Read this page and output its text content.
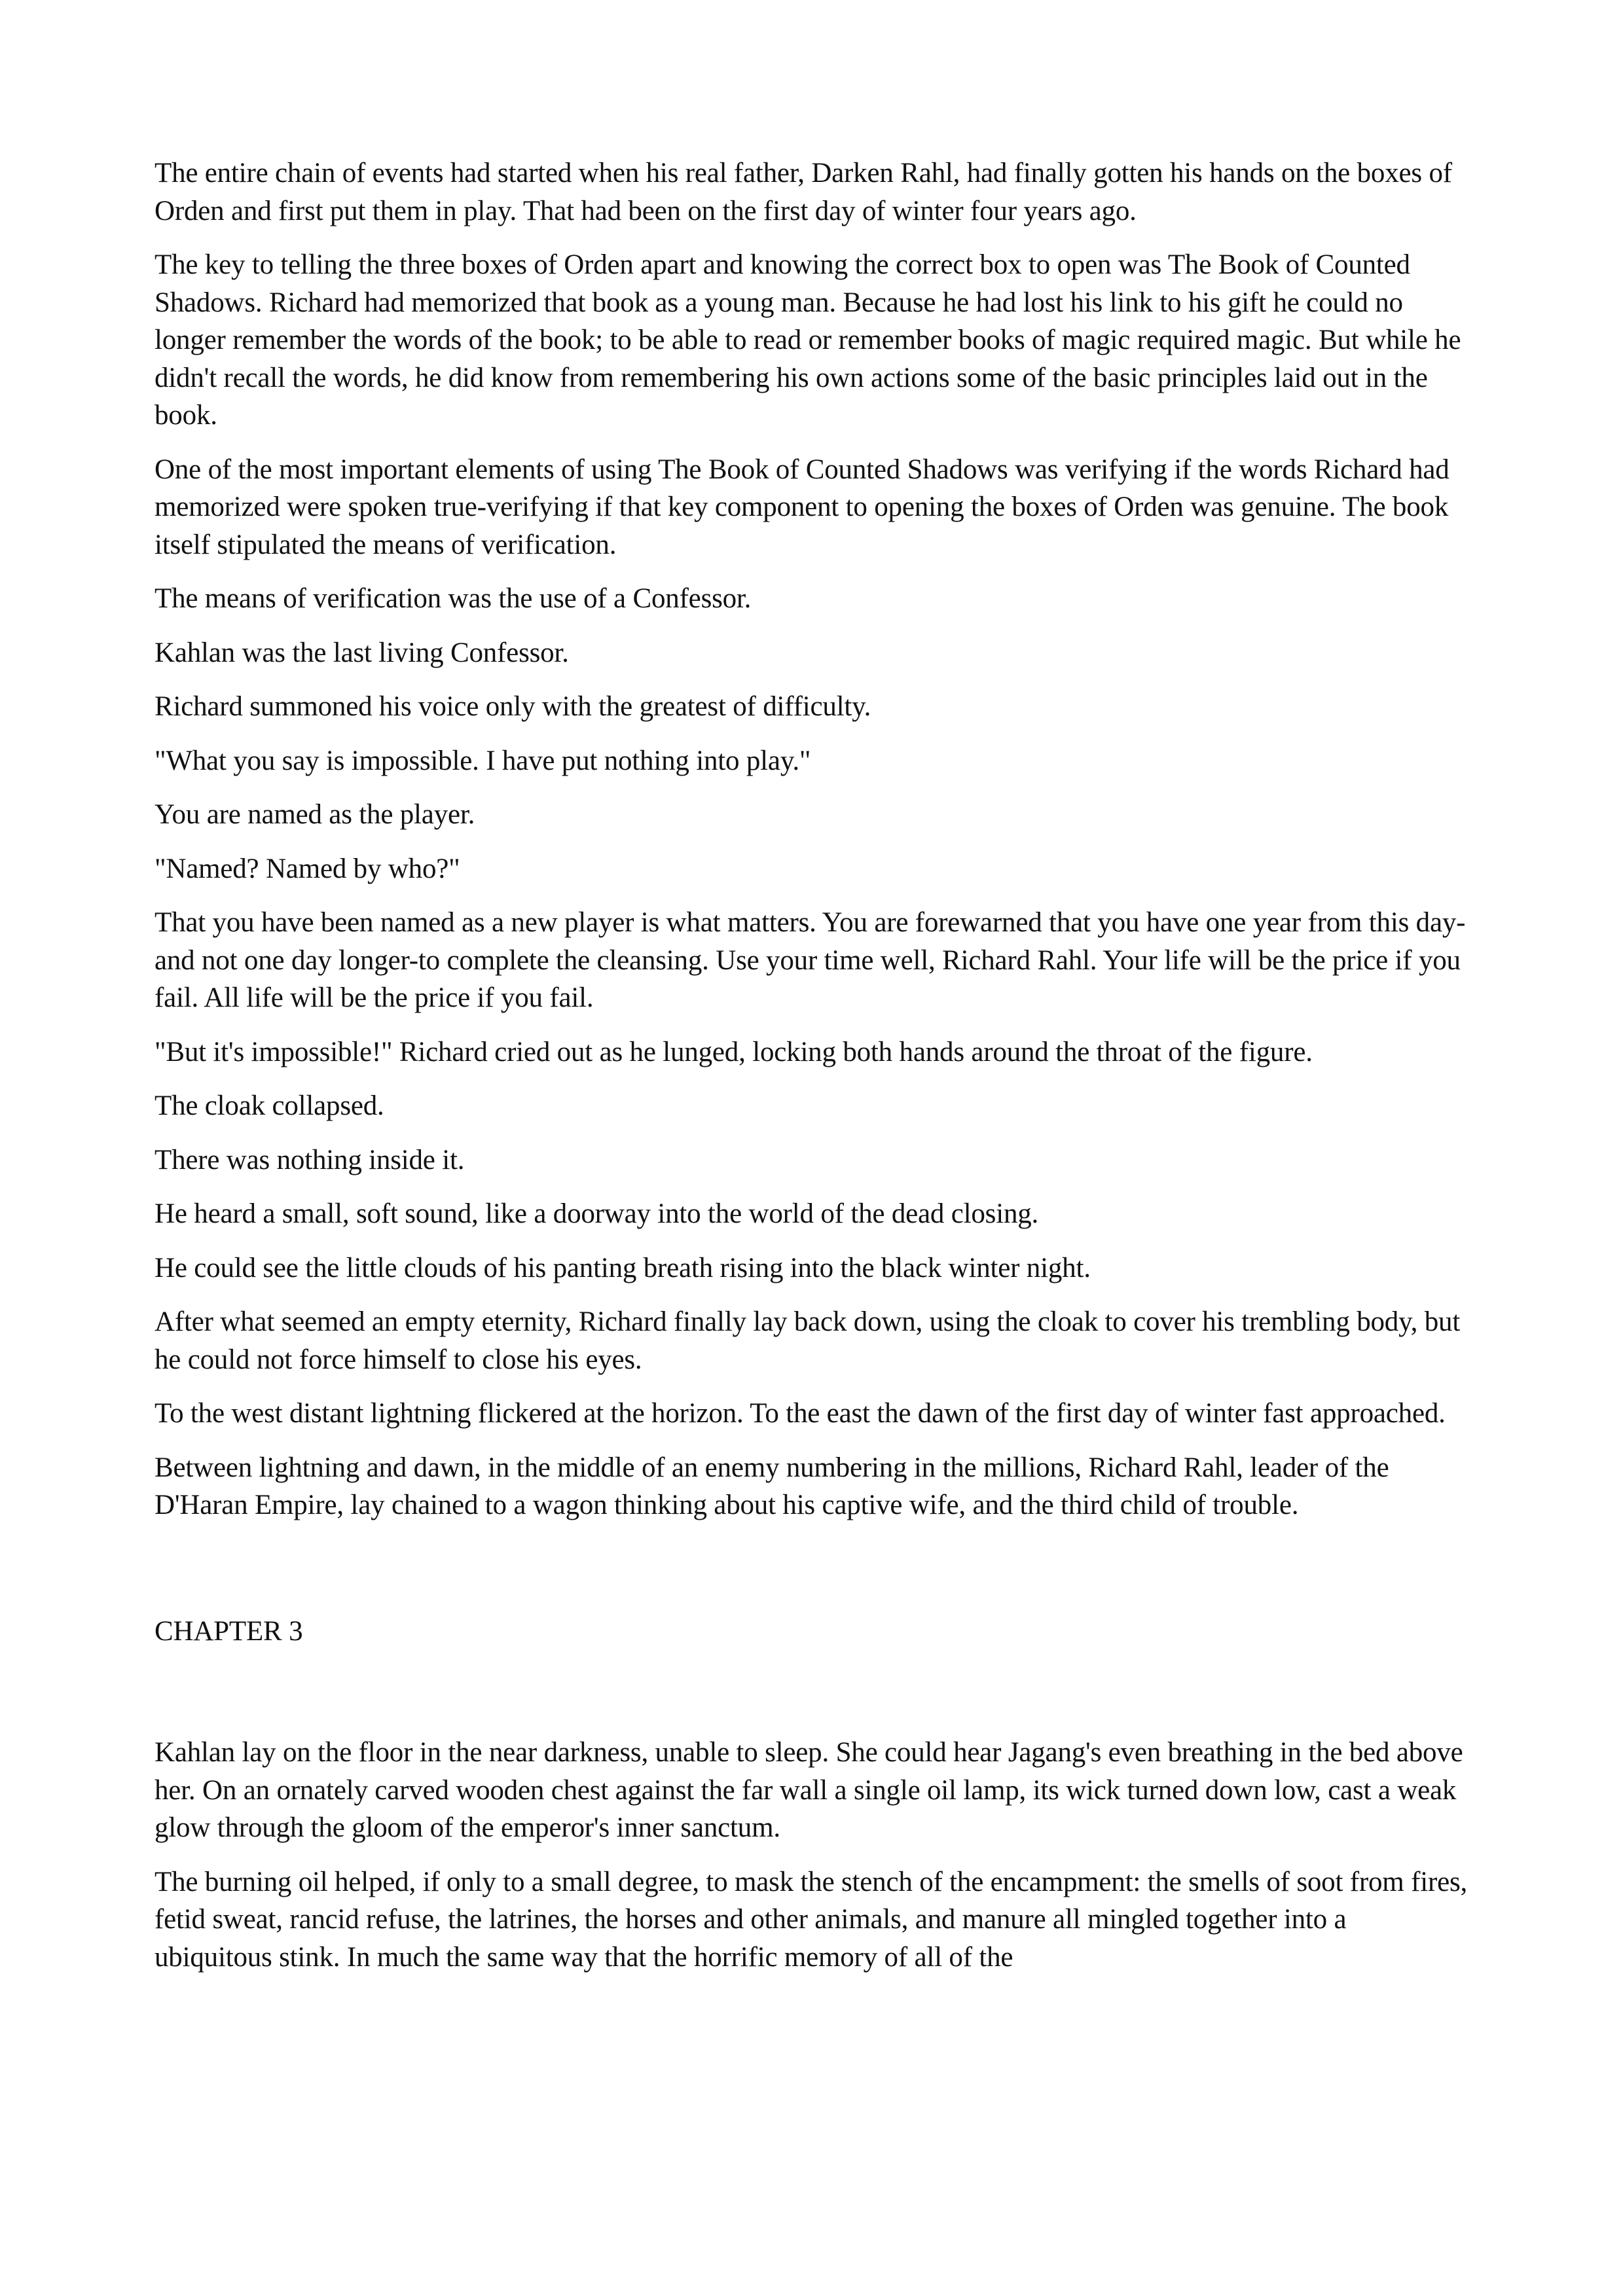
The entire chain of events had started when his real father, Darken Rahl, had finally gotten his hands on the boxes of Orden and first put them in play. That had been on the first day of winter four years ago.

The key to telling the three boxes of Orden apart and knowing the correct box to open was The Book of Counted Shadows. Richard had memorized that book as a young man. Because he had lost his link to his gift he could no longer remember the words of the book; to be able to read or remember books of magic required magic. But while he didn't recall the words, he did know from remembering his own actions some of the basic principles laid out in the book.

One of the most important elements of using The Book of Counted Shadows was verifying if the words Richard had memorized were spoken true-verifying if that key component to opening the boxes of Orden was genuine. The book itself stipulated the means of verification.

The means of verification was the use of a Confessor.

Kahlan was the last living Confessor.

Richard summoned his voice only with the greatest of difficulty.

"What you say is impossible. I have put nothing into play."

You are named as the player.

"Named? Named by who?"

That you have been named as a new player is what matters. You are forewarned that you have one year from this day-and not one day longer-to complete the cleansing. Use your time well, Richard Rahl. Your life will be the price if you fail. All life will be the price if you fail.

"But it's impossible!" Richard cried out as he lunged, locking both hands around the throat of the figure.

The cloak collapsed.

There was nothing inside it.

He heard a small, soft sound, like a doorway into the world of the dead closing.

He could see the little clouds of his panting breath rising into the black winter night.

After what seemed an empty eternity, Richard finally lay back down, using the cloak to cover his trembling body, but he could not force himself to close his eyes.

To the west distant lightning flickered at the horizon. To the east the dawn of the first day of winter fast approached.

Between lightning and dawn, in the middle of an enemy numbering in the millions, Richard Rahl, leader of the D'Haran Empire, lay chained to a wagon thinking about his captive wife, and the third child of trouble.

CHAPTER 3

Kahlan lay on the floor in the near darkness, unable to sleep. She could hear Jagang's even breathing in the bed above her. On an ornately carved wooden chest against the far wall a single oil lamp, its wick turned down low, cast a weak glow through the gloom of the emperor's inner sanctum.

The burning oil helped, if only to a small degree, to mask the stench of the encampment: the smells of soot from fires, fetid sweat, rancid refuse, the latrines, the horses and other animals, and manure all mingled together into a ubiquitous stink. In much the same way that the horrific memory of all of the
